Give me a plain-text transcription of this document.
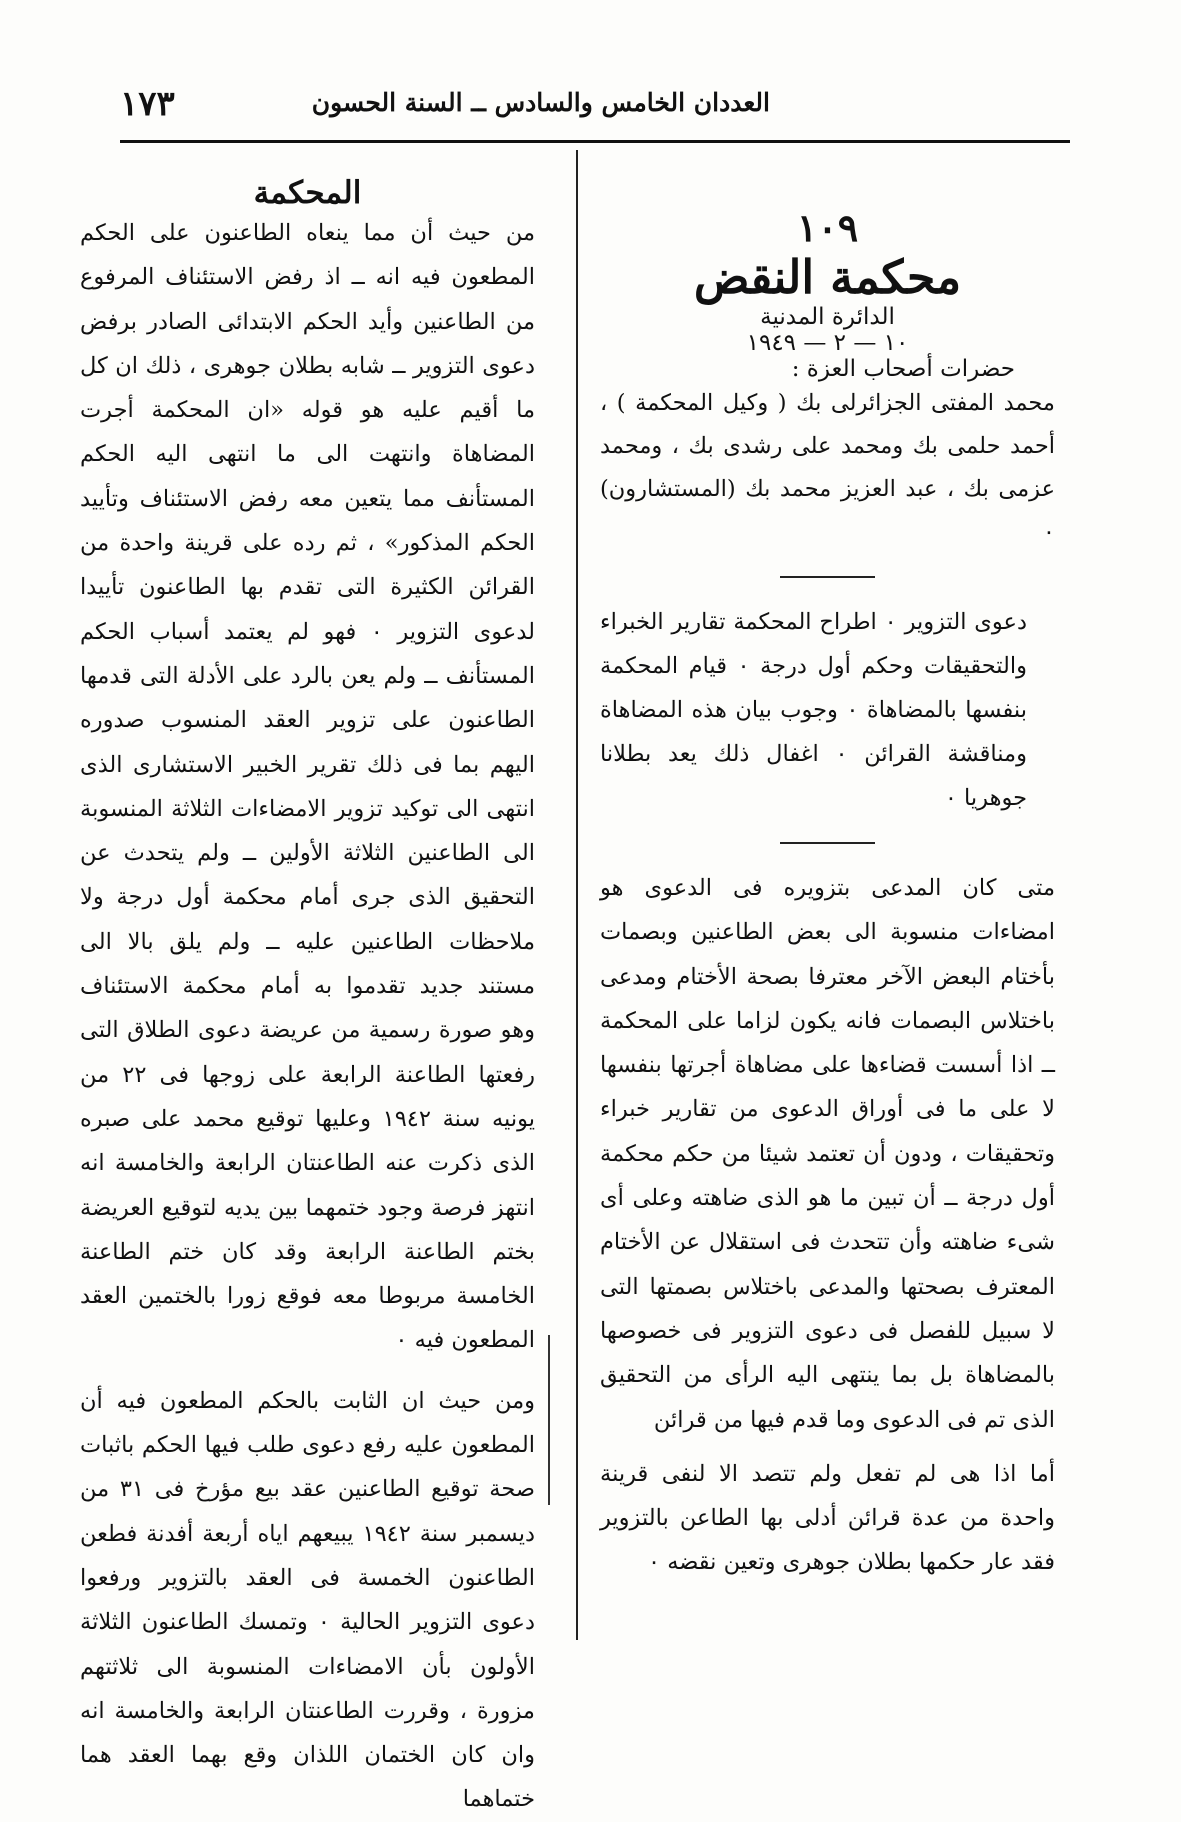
العددان الخامس والسادس ــ السنة الحسون
١٧٣

١٠٩

محكمة النقض

الدائرة المدنية

١٠ — ٢ — ١٩٤٩

حضرات أصحاب العزة :

محمد المفتى الجزائرلى بك ( وكيل المحكمة ) ، أحمد حلمى بك ومحمد على رشدى بك ، ومحمد عزمى بك ، عبد العزيز محمد بك (المستشارون) ٠

دعوى التزوير ٠ اطراح المحكمة تقارير الخبراء والتحقيقات وحكم أول درجة ٠ قيام المحكمة بنفسها بالمضاهاة ٠ وجوب بيان هذه المضاهاة ومناقشة القرائن ٠ اغفال ذلك يعد بطلانا جوهريا ٠

متى كان المدعى بتزويره فى الدعوى هو امضاءات منسوبة الى بعض الطاعنين وبصمات بأختام البعض الآخر معترفا بصحة الأختام ومدعى باختلاس البصمات فانه يكون لزاما على المحكمة ــ اذا أسست قضاءها على مضاهاة أجرتها بنفسها لا على ما فى أوراق الدعوى من تقارير خبراء وتحقيقات ، ودون أن تعتمد شيئا من حكم محكمة أول درجة ــ أن تبين ما هو الذى ضاهته وعلى أى شىء ضاهته وأن تتحدث فى استقلال عن الأختام المعترف بصحتها والمدعى باختلاس بصمتها التى لا سبيل للفصل فى دعوى التزوير فى خصوصها بالمضاهاة بل بما ينتهى اليه الرأى من التحقيق الذى تم فى الدعوى وما قدم فيها من قرائن

أما اذا هى لم تفعل ولم تتصد الا لنفى قرينة واحدة من عدة قرائن أدلى بها الطاعن بالتزوير فقد عار حكمها بطلان جوهرى وتعين نقضه ٠

المحكمة

من حيث أن مما ينعاه الطاعنون على الحكم المطعون فيه انه ــ اذ رفض الاستئناف المرفوع من الطاعنين وأيد الحكم الابتدائى الصادر برفض دعوى التزوير ــ شابه بطلان جوهرى ، ذلك ان كل ما أقيم عليه هو قوله «ان المحكمة أجرت المضاهاة وانتهت الى ما انتهى اليه الحكم المستأنف مما يتعين معه رفض الاستئناف وتأييد الحكم المذكور» ، ثم رده على قرينة واحدة من القرائن الكثيرة التى تقدم بها الطاعنون تأييدا لدعوى التزوير ٠ فهو لم يعتمد أسباب الحكم المستأنف ــ ولم يعن بالرد على الأدلة التى قدمها الطاعنون على تزوير العقد المنسوب صدوره اليهم بما فى ذلك تقرير الخبير الاستشارى الذى انتهى الى توكيد تزوير الامضاءات الثلاثة المنسوبة الى الطاعنين الثلاثة الأولين ــ ولم يتحدث عن التحقيق الذى جرى أمام محكمة أول درجة ولا ملاحظات الطاعنين عليه ــ ولم يلق بالا الى مستند جديد تقدموا به أمام محكمة الاستئناف وهو صورة رسمية من عريضة دعوى الطلاق التى رفعتها الطاعنة الرابعة على زوجها فى ٢٢ من يونيه سنة ١٩٤٢ وعليها توقيع محمد على صبره الذى ذكرت عنه الطاعنتان الرابعة والخامسة انه انتهز فرصة وجود ختمهما بين يديه لتوقيع العريضة بختم الطاعنة الرابعة وقد كان ختم الطاعنة الخامسة مربوطا معه فوقع زورا بالختمين العقد المطعون فيه ٠

ومن حيث ان الثابت بالحكم المطعون فيه أن المطعون عليه رفع دعوى طلب فيها الحكم باثبات صحة توقيع الطاعنين عقد بيع مؤرخ فى ٣١ من ديسمبر سنة ١٩٤٢ يبيعهم اياه أربعة أفدنة فطعن الطاعنون الخمسة فى العقد بالتزوير ورفعوا دعوى التزوير الحالية ٠ وتمسك الطاعنون الثلاثة الأولون بأن الامضاءات المنسوبة الى ثلاثتهم مزورة ، وقررت الطاعنتان الرابعة والخامسة انه وان كان الختمان اللذان وقع بهما العقد هما ختماهما
